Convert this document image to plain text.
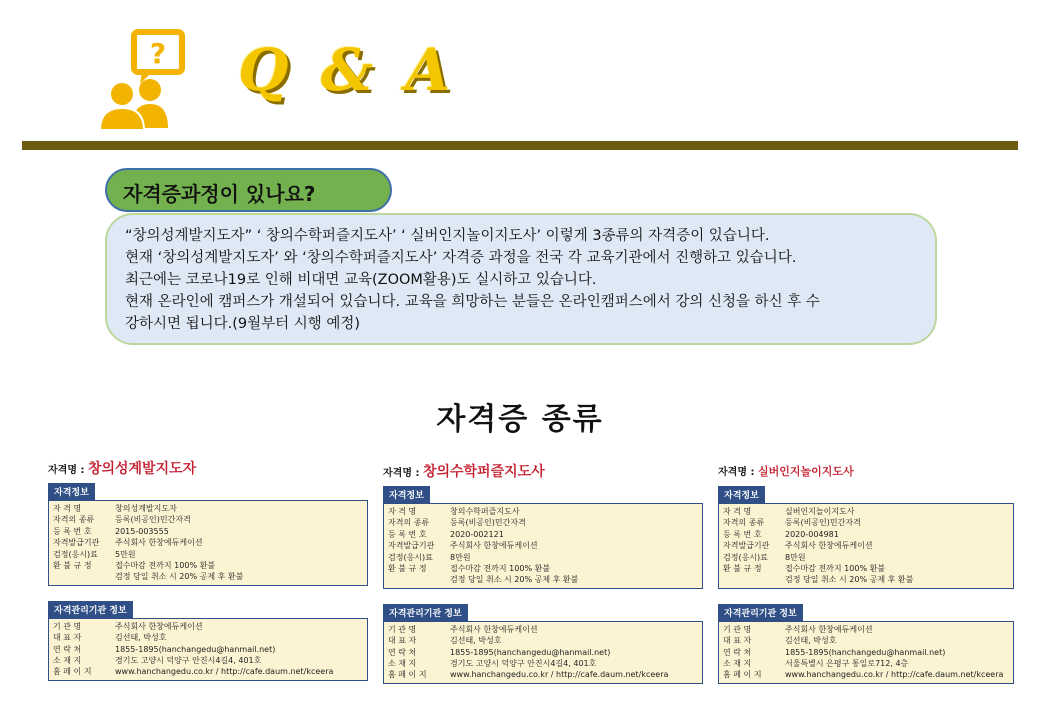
? Q & A
자격증과정이 있나요?
“창의성계발지도자” ‘ 창의수학퍼즐지도사’ ‘ 실버인지놀이지도사’ 이렇게 3종류의 자격증이 있습니다.
현재 ‘창의성계발지도자’ 와 ‘창의수학퍼즐지도사’ 자격증 과정을 전국 각 교육기관에서 진행하고 있습니다.
최근에는 코로나19로 인해 비대면 교육(ZOOM활용)도 실시하고 있습니다.
현재 온라인에 캠퍼스가 개설되어 있습니다. 교육을 희망하는 분들은 온라인캠퍼스에서 강의 신청을 하신 후 수
강하시면 됩니다.(9월부터 시행 예정)
자격증 종류
자격명 : 창의성계발지도자
자격정보
자 격 명	창의성계발지도자
자격의 종류	등록(비공인)민간자격
등 록 번 호	2015-003555
자격발급기관	주식회사 한창에듀케이션
검정(응시)료	5만원
환 불 규 정	접수마감 전까지 100% 환불
검정 당일 취소 시 20% 공제 후 환불
자격관리기관 정보
기 관 명	주식회사 한창에듀케이션
대 표 자	김선태, 박성호
연 락 처	1855-1895(hanchangedu@hanmail.net)
소 재 지	경기도 고양시 덕양구 안진시4길4, 401호
홈 페 이 지	www.hanchangedu.co.kr / http://cafe.daum.net/kceera
자격명 : 창의수학퍼즐지도사
자격정보
자 격 명	창의수학퍼즐지도사
자격의 종류	등록(비공인)민간자격
등 록 번 호	2020-002121
자격발급기관	주식회사 한창에듀케이션
검정(응시)료	8만원
환 불 규 정	접수마감 전까지 100% 환불
검정 당일 취소 시 20% 공제 후 환불
자격관리기관 정보
기 관 명	주식회사 한창에듀케이션
대 표 자	김선태, 박성호
연 락 처	1855-1895(hanchangedu@hanmail.net)
소 재 지	경기도 고양시 덕양구 안진시4길4, 401호
홈 페 이 지	www.hanchangedu.co.kr / http://cafe.daum.net/kceera
자격명 : 실버인지놀이지도사
자격정보
자 격 명	실버인지놀이지도사
자격의 종류	등록(비공인)민간자격
등 록 번 호	2020-004981
자격발급기관	주식회사 한창에듀케이션
검정(응시)료	8만원
환 불 규 정	접수마감 전까지 100% 환불
검정 당일 취소 시 20% 공제 후 환불
자격관리기관 정보
기 관 명	주식회사 한창에듀케이션
대 표 자	김선태, 박성호
연 락 처	1855-1895(hanchangedu@hanmail.net)
소 재 지	서울특별시 은평구 통일로712, 4층
홈 페 이 지	www.hanchangedu.co.kr / http://cafe.daum.net/kceera
